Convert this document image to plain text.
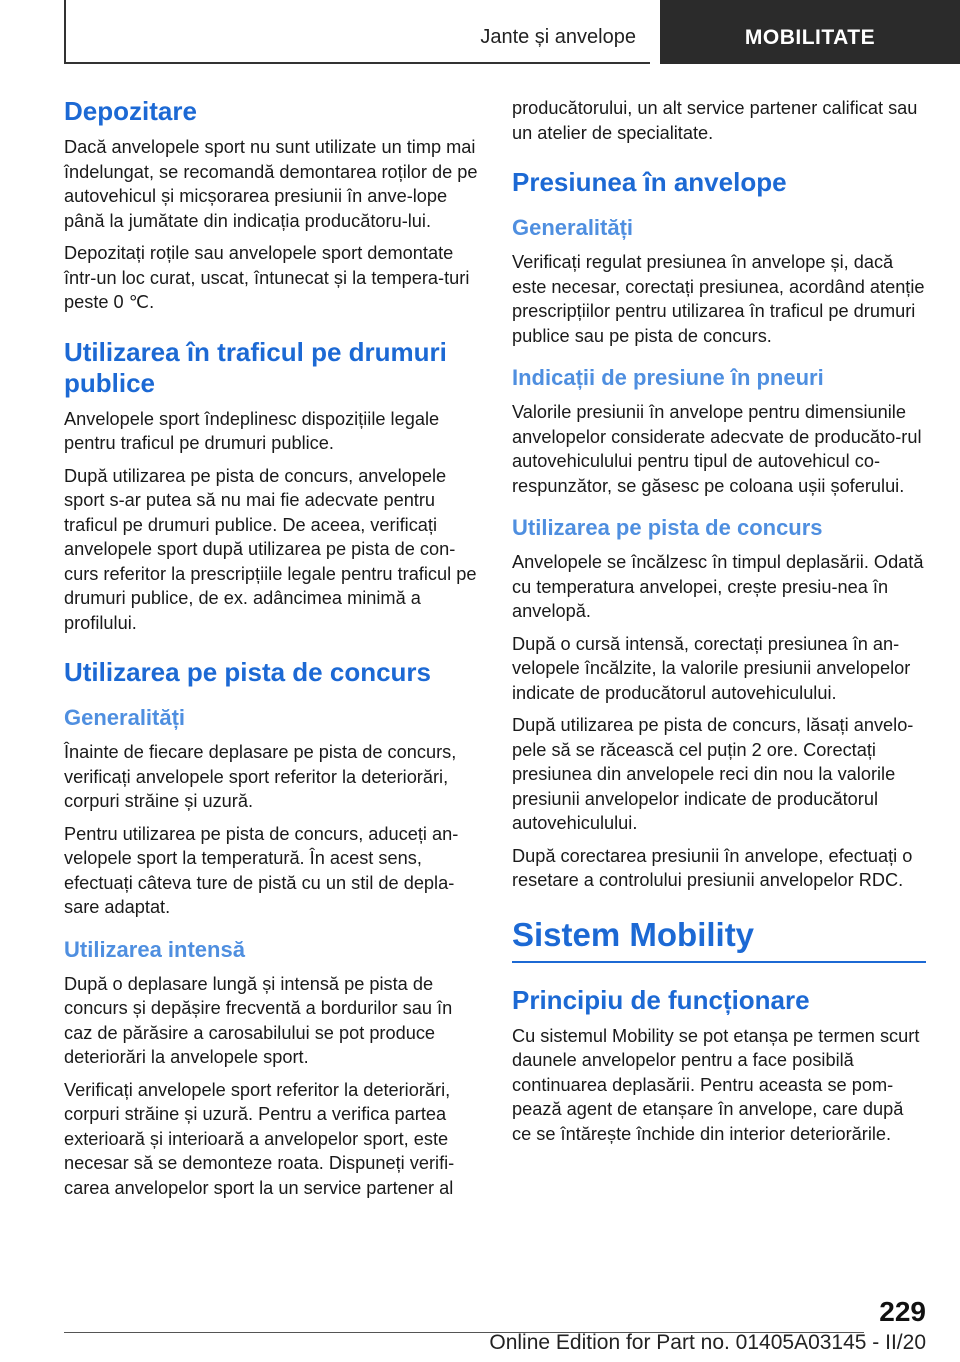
Jante și anvelope	MOBILITATE
Depozitare

Dacă anvelopele sport nu sunt utilizate un timp mai îndelungat, se recomandă demontarea roților de pe autovehicul și micșorarea presiunii în anve-lope până la jumătate din indicația producătoru-lui.

Depozitați roțile sau anvelopele sport demontate într-un loc curat, uscat, întunecat și la tempera-turi peste 0 ℃.

Utilizarea în traficul pe drumuri publice

Anvelopele sport îndeplinesc dispozițiile legale pentru traficul pe drumuri publice.

După utilizarea pe pista de concurs, anvelopele sport s-ar putea să nu mai fie adecvate pentru traficul pe drumuri publice. De aceea, verificați anvelopele sport după utilizarea pe pista de con-curs referitor la prescripțiile legale pentru traficul pe drumuri publice, de ex. adâncimea minimă a profilului.

Utilizarea pe pista de concurs
Generalități

Înainte de fiecare deplasare pe pista de concurs, verificați anvelopele sport referitor la deteriorări, corpuri străine și uzură.

Pentru utilizarea pe pista de concurs, aduceți an-velopele sport la temperatură. În acest sens, efectuați câteva ture de pistă cu un stil de depla-sare adaptat.

Utilizarea intensă

După o deplasare lungă și intensă pe pista de concurs și depășire frecventă a bordurilor sau în caz de părăsire a carosabilului se pot produce deteriorări la anvelopele sport.

Verificați anvelopele sport referitor la deteriorări, corpuri străine și uzură. Pentru a verifica partea exterioară și interioară a anvelopelor sport, este necesar să se demonteze roata. Dispuneți verifi-carea anvelopelor sport la un service partener al

producătorului, un alt service partener calificat sau un atelier de specialitate.

Presiunea în anvelope
Generalități

Verificați regulat presiunea în anvelope și, dacă este necesar, corectați presiunea, acordând atenție prescripțiilor pentru utilizarea în traficul pe drumuri publice sau pe pista de concurs.

Indicații de presiune în pneuri

Valorile presiunii în anvelope pentru dimensiunile anvelopelor considerate adecvate de producăto-rul autovehiculului pentru tipul de autovehicul co-respunzător, se găsesc pe coloana ușii șoferului.

Utilizarea pe pista de concurs

Anvelopele se încălzesc în timpul deplasării. Odată cu temperatura anvelopei, crește presiu-nea în anvelopă.

După o cursă intensă, corectați presiunea în an-velopele încălzite, la valorile presiunii anvelopelor indicate de producătorul autovehiculului.

După utilizarea pe pista de concurs, lăsați anvelo-pele să se răcească cel puțin 2 ore. Corectați presiunea din anvelopele reci din nou la valorile presiunii anvelopelor indicate de producătorul autovehiculului.

După corectarea presiunii în anvelope, efectuați o resetare a controlului presiunii anvelopelor RDC.

Sistem Mobility
Principiu de funcționare

Cu sistemul Mobility se pot etanșa pe termen scurt daunele anvelopelor pentru a face posibilă continuarea deplasării. Pentru aceasta se pom-pează agent de etanșare în anvelope, care după ce se întărește închide din interior deteriorările.

229
Online Edition for Part no. 01405A03145 - II/20
